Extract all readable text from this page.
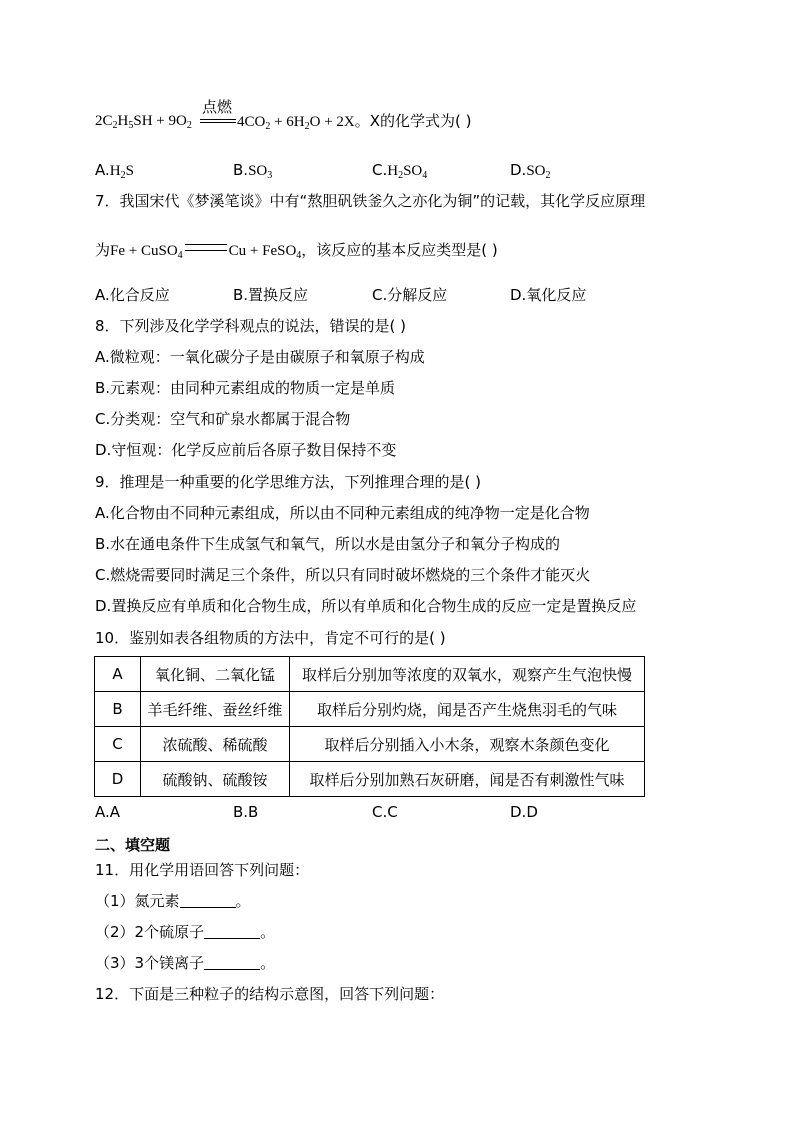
点燃
$2C_2H_5SH + 9O_2$	$4CO_2 + 6H_2O + 2X$。X的化学式为( )
$A.H_2S$	$B.SO_3$	$C.H_2SO_4$	$D.SO_2$
7．我国宋代《梦溪笔谈》中有“熬胆矾铁釜久之亦化为铜”的记载，其化学反应原理
为Fe + CuSO$_4$	Cu + FeSO$_4$，该反应的基本反应类型是( )
A.化合反应	B.置换反应	C.分解反应	D.氧化反应
8．下列涉及化学学科观点的说法，错误的是( )
A.微粒观：一氧化碳分子是由碳原子和氧原子构成
B.元素观：由同种元素组成的物质一定是单质
C.分类观：空气和矿泉水都属于混合物
D.守恒观：化学反应前后各原子数目保持不变
9．推理是一种重要的化学思维方法，下列推理合理的是( )
A.化合物由不同种元素组成，所以由不同种元素组成的纯净物一定是化合物
B.水在通电条件下生成氢气和氧气，所以水是由氢分子和氧分子构成的
C.燃烧需要同时满足三个条件，所以只有同时破坏燃烧的三个条件才能灭火
D.置换反应有单质和化合物生成，所以有单质和化合物生成的反应一定是置换反应
10．鉴别如表各组物质的方法中，肯定不可行的是( )
A	氧化铜、二氧化锰	取样后分别加等浓度的双氧水，观察产生气泡快慢
B	羊毛纤维、蚕丝纤维	取样后分别灼烧，闻是否产生烧焦羽毛的气味
C	浓硫酸、稀硫酸	取样后分别插入小木条，观察木条颜色变化
D	硫酸钠、硫酸铵	取样后分别加熟石灰研磨，闻是否有刺激性气味
A.A	B.B	C.C	D.D
二、填空题
11．用化学用语回答下列问题：
（1）氮元素	。
（2）2个硫原子	。
（3）3个镁离子	。
12．下面是三种粒子的结构示意图，回答下列问题：
